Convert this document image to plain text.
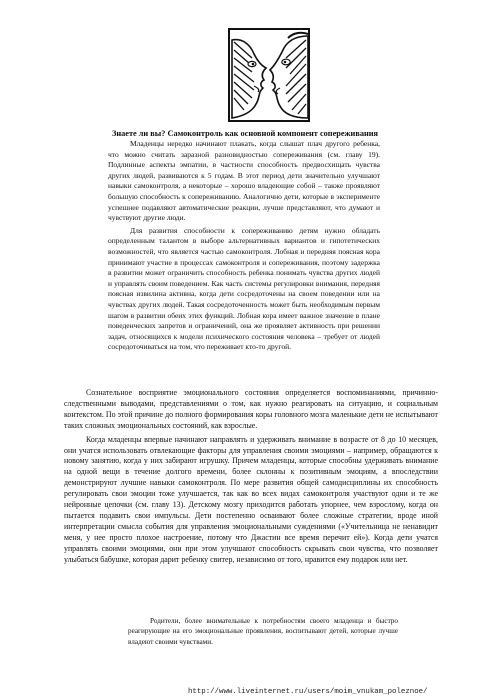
Знаете ли вы? Самоконтроль как основной компонент сопереживания

Младенцы нередко начинают плакать, когда слышат плач другого ребенка, что можно считать заразной разновидностью сопереживания (см. главу 19). Подлинные аспекты эмпатии, в частности способность предвосхищать чувства других людей, развиваются к 5 годам. В этот период дети значительно улучшают навыки самоконтроля, а некоторые – хорошо владеющие собой – также проявляют большую способность к сопереживанию. Аналогично дети, которые в эксперименте успешнее подавляют автоматические реакции, лучше представляют, что думают и чувствуют другие люди.

Для развития способности к сопереживанию детям нужно обладать определенным талантом в выборе альтернативных вариантов и гипотетических возможностей, что является частью самоконтроля. Лобная и передняя поясная кора принимают участие в процессах самоконтроля и сопереживания, поэтому задержка в развитии может ограничить способность ребенка понимать чувства других людей и управлять своим поведением. Как часть системы регулировки внимания, передняя поясная извилина активна, когда дети сосредоточены на своем поведении или на чувствах других людей. Такая сосредоточенность может быть необходимым первым шагом в развитии обеих этих функций. Лобная кора имеет важное значение в плане поведенческих запретов и ограничений, она же проявляет активность при решении задач, относящихся к модели психического состояния человека – требует от людей сосредоточиваться на том, что переживает кто-то другой.

Сознательное восприятие эмоционального состояния определяется воспоминаниями, причинно-следственными выводами, представлениями о том, как нужно реагировать на ситуацию, и социальным контекстом. По этой причине до полного формирования коры головного мозга маленькие дети не испытывают таких сложных эмоциональных состояний, как взрослые.

Когда младенцы впервые начинают направлять и удерживать внимание в возрасте от 8 до 10 месяцев, они учатся использовать отвлекающие факторы для управления своими эмоциями – например, обращаются к новому занятию, когда у них забирают игрушку. Причем младенцы, которые способны удерживать внимание на одной вещи в течение долгого времени, более склонны к позитивным эмоциям, а впоследствии демонстрируют лучшие навыки самоконтроля. По мере развития общей самодисциплины их способность регулировать свои эмоции тоже улучшается, так как во всех видах самоконтроля участвуют одни и те же нейронные цепочки (см. главу 13). Детскому мозгу приходится работать упорнее, чем взрослому, когда он пытается подавить свои импульсы. Дети постепенно осваивают более сложные стратегии, вроде иной интерпретации смысла события для управления эмоциональными суждениями («Учительница не ненавидит меня, у нее просто плохое настроение, потому что Джастин все время перечит ей»). Когда дети учатся управлять своими эмоциями, они при этом улучшают способность скрывать свои чувства, что позволяет улыбаться бабушке, которая дарит ребенку свитер, независимо от того, нравится ему подарок или нет.

Родители, более внимательные к потребностям своего младенца и быстро реагирующие на его эмоциональные проявления, воспитывают детей, которые лучше владеют своими чувствами.

http://www.liveinternet.ru/users/moim_vnukam_poleznoe/
